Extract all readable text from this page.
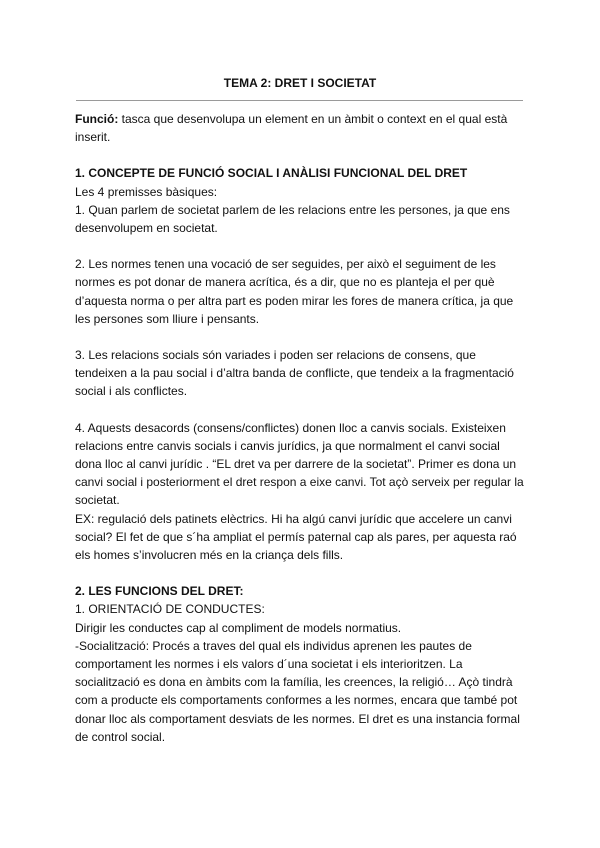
TEMA 2: DRET I SOCIETAT

Funció: tasca que desenvolupa un element en un àmbit o context en el qual està inserit.

1. CONCEPTE DE FUNCIÓ SOCIAL I ANÀLISI FUNCIONAL DEL DRET

Les 4 premisses bàsiques:

1. Quan parlem de societat parlem de les relacions entre les persones, ja que ens desenvolupem en societat.

2. Les normes tenen una vocació de ser seguides, per això el seguiment de les normes es pot donar de manera acrítica, és a dir, que no es planteja el per què d’aquesta norma o per altra part es poden mirar les fores de manera crítica, ja que les persones som lliure i pensants.

3. Les relacions socials són variades i poden ser relacions de consens, que tendeixen a la pau social i d’altra banda de conflicte, que tendeix a la fragmentació social i als conflictes.

4. Aquests desacords (consens/conflictes) donen lloc a canvis socials. Existeixen relacions entre canvis socials i canvis jurídics, ja que normalment el canvi social dona lloc al canvi jurídic . “EL dret va per darrere de la societat”. Primer es dona un canvi social i posteriorment el dret respon a eixe canvi. Tot açò serveix per regular la societat.

EX: regulació dels patinets elèctrics. Hi ha algú canvi jurídic que accelere un canvi social? El fet de que s´ha ampliat el permís paternal cap als pares, per aquesta raó els homes s’involucren més en la criança dels fills.

2. LES FUNCIONS DEL DRET:

1. ORIENTACIÓ DE CONDUCTES:

Dirigir les conductes cap al compliment de models normatius.

-Socialització: Procés a traves del qual els individus aprenen les pautes de comportament les normes i els valors d´una societat i els interioritzen. La socialització es dona en àmbits com la família, les creences, la religió… Açò tindrà com a producte els comportaments conformes a les normes, encara que també pot donar lloc als comportament desviats de les normes. El dret es una instancia formal de control social.
